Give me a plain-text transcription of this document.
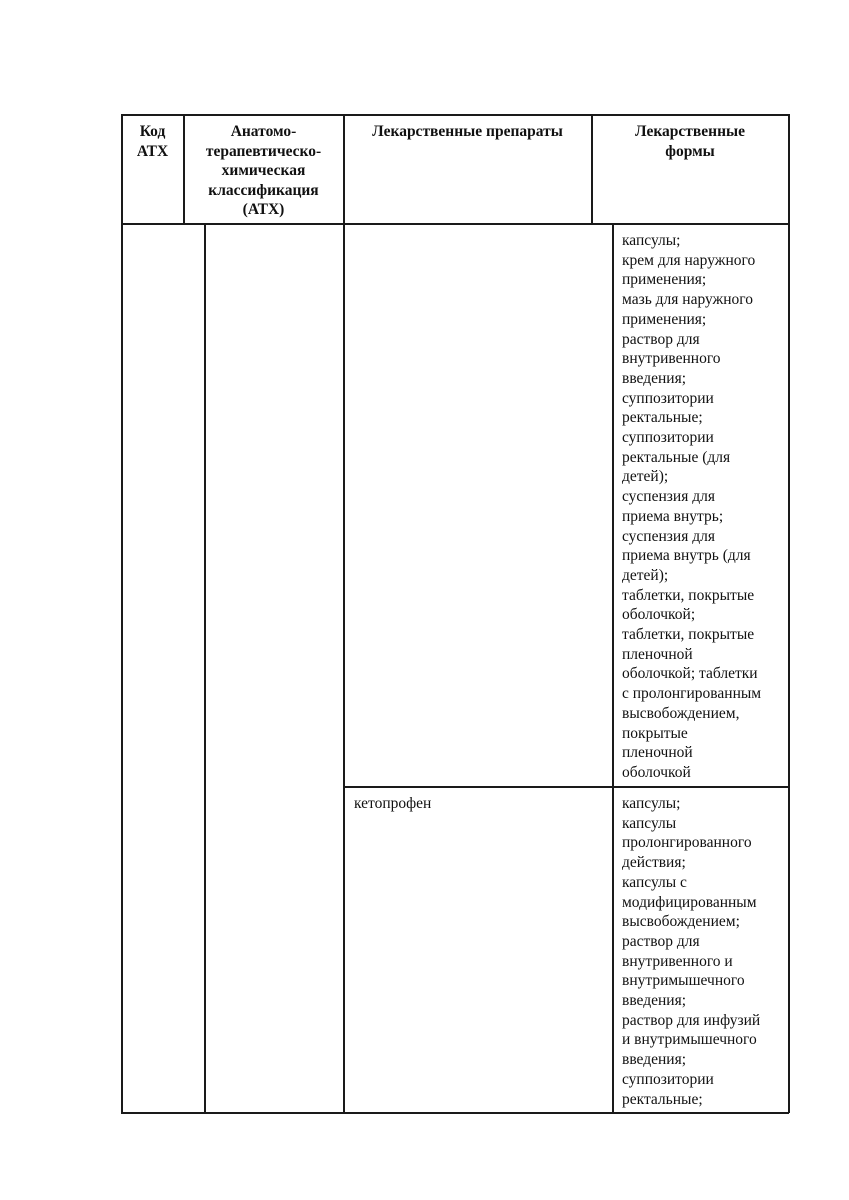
Код
АТХ
Анатомо-
терапевтическо-
химическая
классификация
(АТХ)
Лекарственные препараты	Лекарственные
формы
капсулы;
крем для наружного
применения;
мазь для наружного
применения;
раствор для
внутривенного
введения;
суппозитории
ректальные;
суппозитории
ректальные (для
детей);
суспензия для
приема внутрь;
суспензия для
приема внутрь (для
детей);
таблетки, покрытые
оболочкой;
таблетки, покрытые
пленочной
оболочкой; таблетки
с пролонгированным
высвобождением,
покрытые
пленочной
оболочкой
кетопрофен	капсулы;
капсулы
пролонгированного
действия;
капсулы с
модифицированным
высвобождением;
раствор для
внутривенного и
внутримышечного
введения;
раствор для инфузий
и внутримышечного
введения;
суппозитории
ректальные;
